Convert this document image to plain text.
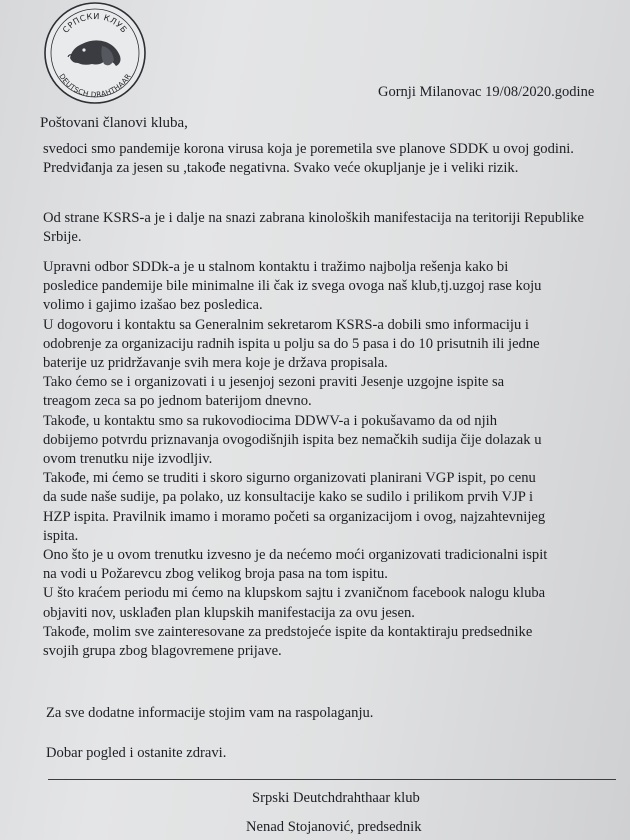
СРПСКИ КЛУБ
DEUTSCH DRAHTHAAR
Gornji Milanovac 19/08/2020.godine
Poštovani članovi kluba,

svedoci smo pandemije korona virusa koja je poremetila sve planove SDDK u ovoj godini. Predviđanja za jesen su ,takođe negativna. Svako veće okupljanje je i veliki rizik.

Od strane KSRS-a je i dalje na snazi zabrana kinoloških manifestacija na teritoriji Republike Srbije.

Upravni odbor SDDk-a je u stalnom kontaktu i tražimo najbolja rešenja kako bi
posledice pandemije bile minimalne ili čak iz svega ovoga naš klub,tj.uzgoj rase koju
volimo i gajimo izašao bez posledica.
U dogovoru i kontaktu sa Generalnim sekretarom KSRS-a dobili smo informaciju i
odobrenje za organizaciju radnih ispita u polju sa do 5 pasa i do 10 prisutnih ili jedne
baterije uz pridržavanje svih mera koje je država propisala.
Tako ćemo se i organizovati i u jesenjoj sezoni praviti Jesenje uzgojne ispite sa
treagom zeca sa po jednom baterijom dnevno.
Takođe, u kontaktu smo sa rukovodiocima DDWV-a i pokušavamo da od njih
dobijemo potvrdu priznavanja ovogodišnjih ispita bez nemačkih sudija čije dolazak u
ovom trenutku nije izvodljiv.
Takođe, mi ćemo se truditi i skoro sigurno organizovati planirani VGP ispit, po cenu
da sude naše sudije, pa polako, uz konsultacije kako se sudilo i prilikom prvih VJP i
HZP ispita. Pravilnik imamo i moramo početi sa organizacijom i ovog, najzahtevnijeg
ispita.
Ono što je u ovom trenutku izvesno je da nećemo moći organizovati tradicionalni ispit
na vodi u Požarevcu zbog velikog broja pasa na tom ispitu.
U što kraćem periodu mi ćemo na klupskom sajtu i zvaničnom facebook nalogu kluba
objaviti nov, usklađen plan klupskih manifestacija za ovu jesen.
Takođe, molim sve zainteresovane za predstojeće ispite da kontaktiraju predsednike
svojih grupa zbog blagovremene prijave.
Za sve dodatne informacije stojim vam na raspolaganju.
Dobar pogled i ostanite zdravi.
Srpski Deutchdrahthaar klub
Nenad Stojanović, predsednik
